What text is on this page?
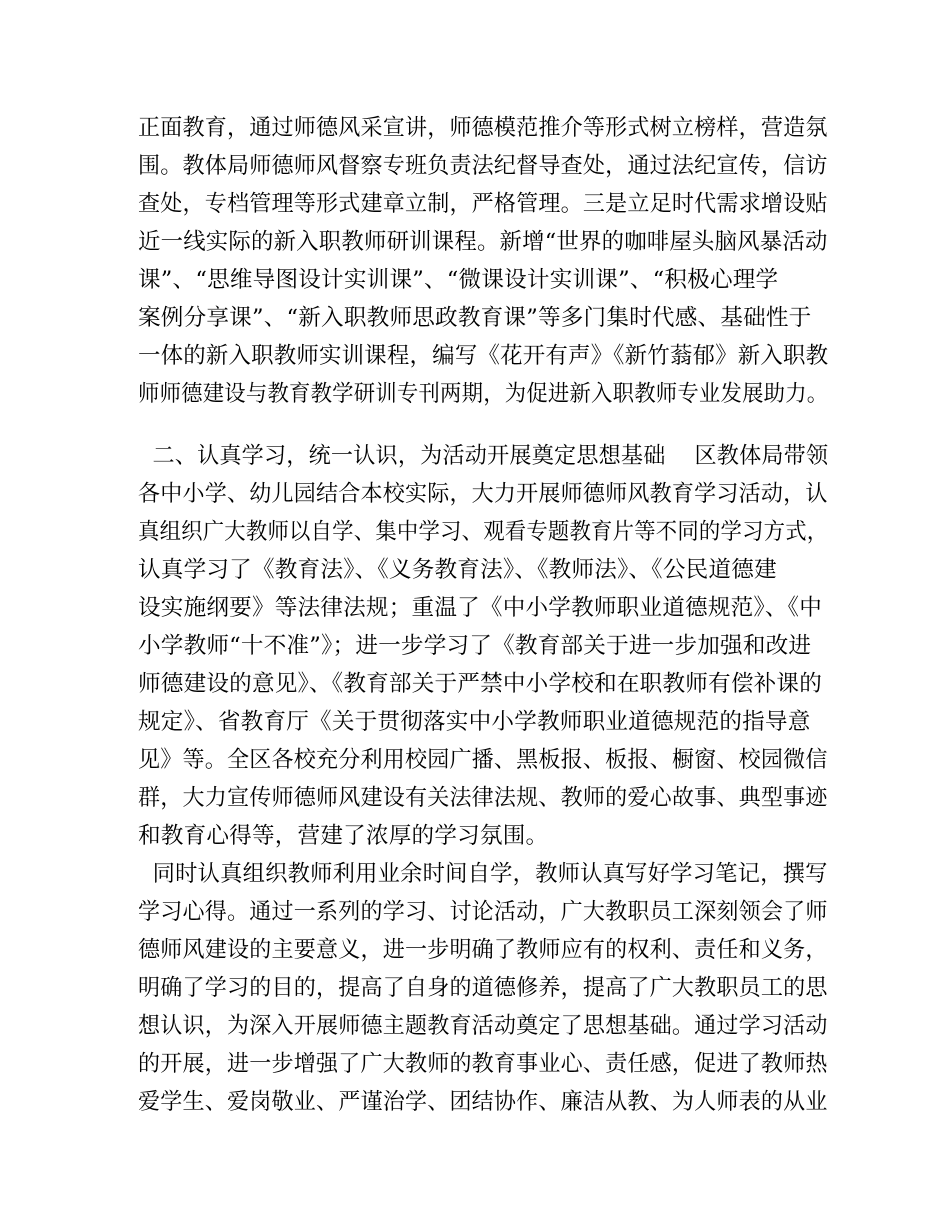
正面教育，通过师德风采宣讲，师德模范推介等形式树立榜样，营造氛
围。教体局师德师风督察专班负责法纪督导查处，通过法纪宣传，信访
查处，专档管理等形式建章立制，严格管理。三是立足时代需求增设贴
近一线实际的新入职教师研训课程。新增“世界的咖啡屋头脑风暴活动
课”、“思维导图设计实训课”、“微课设计实训课”、“积极心理学
案例分享课”、“新入职教师思政教育课”等多门集时代感、基础性于
一体的新入职教师实训课程，编写《花开有声》《新竹蓊郁》新入职教
师师德建设与教育教学研训专刊两期，为促进新入职教师专业发展助力。
二、认真学习，统一认识，为活动开展奠定思想基础    区教体局带领
各中小学、幼儿园结合本校实际，大力开展师德师风教育学习活动，认
真组织广大教师以自学、集中学习、观看专题教育片等不同的学习方式，
认真学习了《教育法》、《义务教育法》、《教师法》、《公民道德建
设实施纲要》等法律法规；重温了《中小学教师职业道德规范》、《中
小学教师“十不准”》；进一步学习了《教育部关于进一步加强和改进
师德建设的意见》、《教育部关于严禁中小学校和在职教师有偿补课的
规定》、省教育厅《关于贯彻落实中小学教师职业道德规范的指导意
见》等。全区各校充分利用校园广播、黑板报、板报、橱窗、校园微信
群，大力宣传师德师风建设有关法律法规、教师的爱心故事、典型事迹
和教育心得等，营建了浓厚的学习氛围。
同时认真组织教师利用业余时间自学，教师认真写好学习笔记，撰写
学习心得。通过一系列的学习、讨论活动，广大教职员工深刻领会了师
德师风建设的主要意义，进一步明确了教师应有的权利、责任和义务，
明确了学习的目的，提高了自身的道德修养，提高了广大教职员工的思
想认识，为深入开展师德主题教育活动奠定了思想基础。通过学习活动
的开展，进一步增强了广大教师的教育事业心、责任感，促进了教师热
爱学生、爱岗敬业、严谨治学、团结协作、廉洁从教、为人师表的从业
